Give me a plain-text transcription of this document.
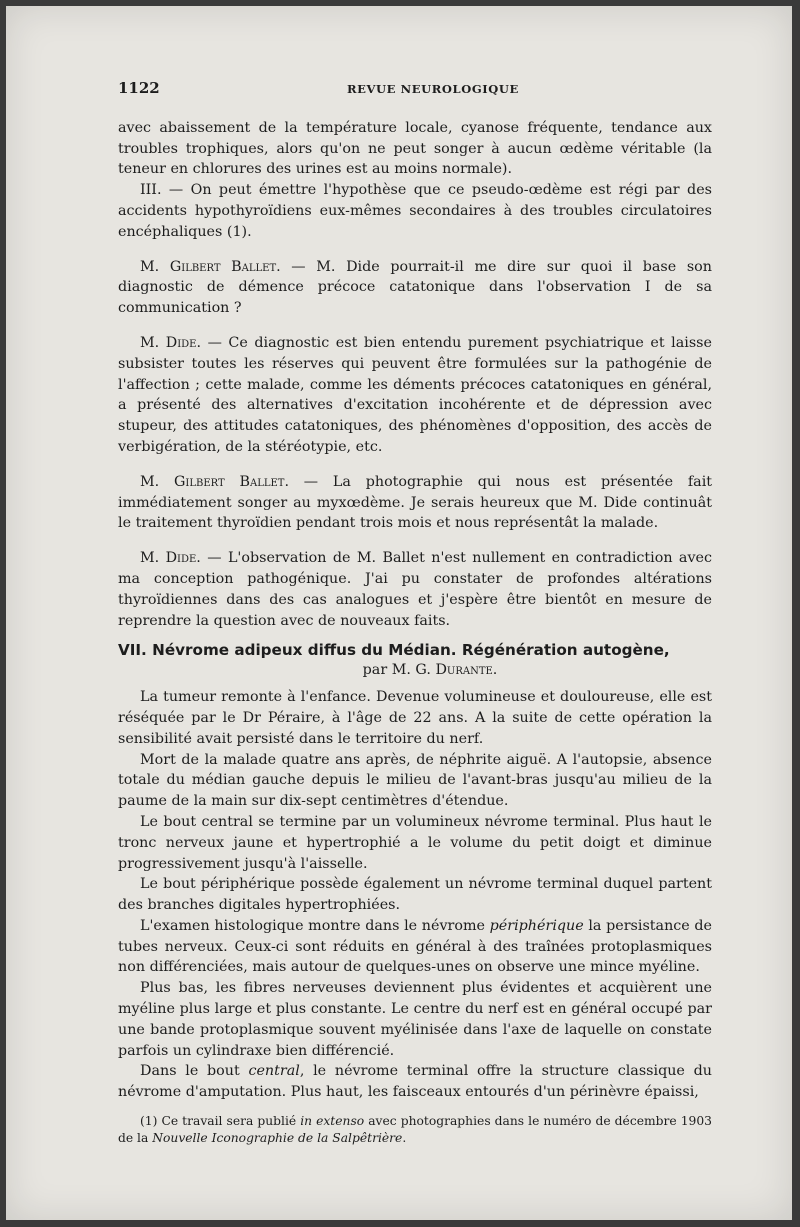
1122	REVUE NEUROLOGIQUE

avec abaissement de la température locale, cyanose fréquente, tendance aux troubles trophiques, alors qu'on ne peut songer à aucun œdème véritable (la teneur en chlorures des urines est au moins normale).

III. — On peut émettre l'hypothèse que ce pseudo-œdème est régi par des accidents hypothyroïdiens eux-mêmes secondaires à des troubles circulatoires encéphaliques (1).

M. Gilbert Ballet. — M. Dide pourrait-il me dire sur quoi il base son diagnostic de démence précoce catatonique dans l'observation I de sa communication ?

M. Dide. — Ce diagnostic est bien entendu purement psychiatrique et laisse subsister toutes les réserves qui peuvent être formulées sur la pathogénie de l'affection ; cette malade, comme les déments précoces catatoniques en général, a présenté des alternatives d'excitation incohérente et de dépression avec stupeur, des attitudes catatoniques, des phénomènes d'opposition, des accès de verbigération, de la stéréotypie, etc.

M. Gilbert Ballet. — La photographie qui nous est présentée fait immédiatement songer au myxœdème. Je serais heureux que M. Dide continuât le traitement thyroïdien pendant trois mois et nous représentât la malade.

M. Dide. — L'observation de M. Ballet n'est nullement en contradiction avec ma conception pathogénique. J'ai pu constater de profondes altérations thyroïdiennes dans des cas analogues et j'espère être bientôt en mesure de reprendre la question avec de nouveaux faits.

VII. Névrome adipeux diffus du Médian. Régénération autogène,

par M. G. Durante.

La tumeur remonte à l'enfance. Devenue volumineuse et douloureuse, elle est réséquée par le Dr Péraire, à l'âge de 22 ans. A la suite de cette opération la sensibilité avait persisté dans le territoire du nerf.

Mort de la malade quatre ans après, de néphrite aiguë. A l'autopsie, absence totale du médian gauche depuis le milieu de l'avant-bras jusqu'au milieu de la paume de la main sur dix-sept centimètres d'étendue.

Le bout central se termine par un volumineux névrome terminal. Plus haut le tronc nerveux jaune et hypertrophié a le volume du petit doigt et diminue progressivement jusqu'à l'aisselle.

Le bout périphérique possède également un névrome terminal duquel partent des branches digitales hypertrophiées.

L'examen histologique montre dans le névrome périphérique la persistance de tubes nerveux. Ceux-ci sont réduits en général à des traînées protoplasmiques non différenciées, mais autour de quelques-unes on observe une mince myéline.

Plus bas, les fibres nerveuses deviennent plus évidentes et acquièrent une myéline plus large et plus constante. Le centre du nerf est en général occupé par une bande protoplasmique souvent myélinisée dans l'axe de laquelle on constate parfois un cylindraxe bien différencié.

Dans le bout central, le névrome terminal offre la structure classique du névrome d'amputation. Plus haut, les faisceaux entourés d'un périnèvre épaissi,

(1) Ce travail sera publié in extenso avec photographies dans le numéro de décembre 1903 de la Nouvelle Iconographie de la Salpêtrière.
